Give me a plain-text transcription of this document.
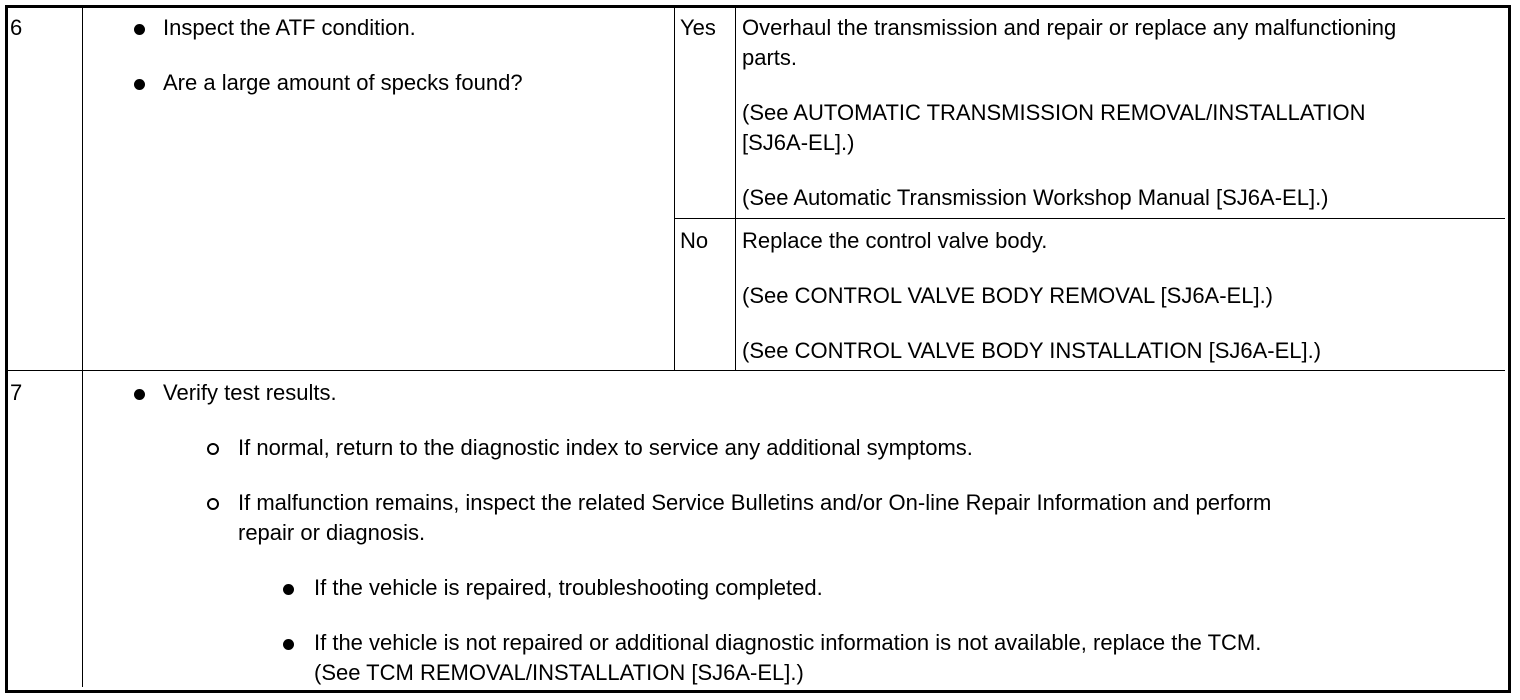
6	Inspect the ATF condition.
Are a large amount of specks found?
Yes Overhaul the transmission and repair or replace any malfunctioning
parts.
(See AUTOMATIC TRANSMISSION REMOVAL/INSTALLATION
[SJ6A-EL].)
(See Automatic Transmission Workshop Manual [SJ6A-EL].)
No Replace the control valve body.
(See CONTROL VALVE BODY REMOVAL [SJ6A-EL].)
(See CONTROL VALVE BODY INSTALLATION [SJ6A-EL].)
7	Verify test results.
If normal, return to the diagnostic index to service any additional symptoms.
If malfunction remains, inspect the related Service Bulletins and/or On-line Repair Information and perform
repair or diagnosis.
If the vehicle is repaired, troubleshooting completed.
If the vehicle is not repaired or additional diagnostic information is not available, replace the TCM.
(See TCM REMOVAL/INSTALLATION [SJ6A-EL].)
